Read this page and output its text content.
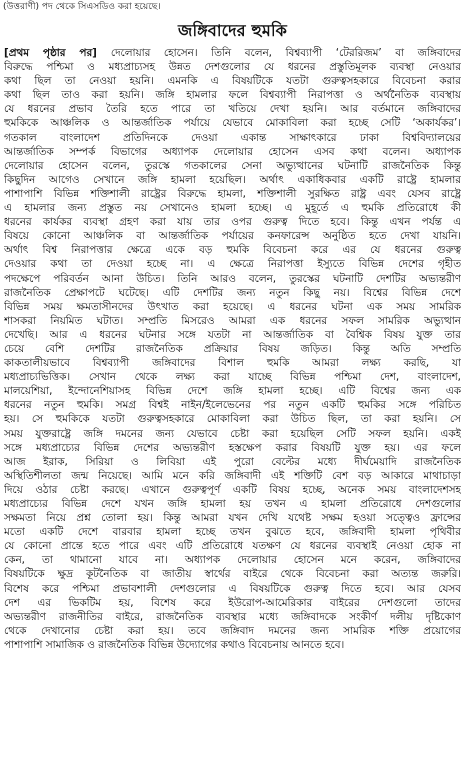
(উত্তরাণী) পদ থেকে সিএসডিও করা হয়েছে।
জঙ্গিবাদের হুমকি
[প্রথম পৃষ্ঠার পর] দেলোয়ার হোসেন। তিনি বলেন, বিশ্বব্যাপী ‘টেররিজম’ বা জঙ্গিবাদের
বিরুদ্ধে পশ্চিমা ও মধ্যপ্রাচ্যসহ উন্নত দেশগুলোর যে ধরনের প্রস্তুতিমূলক ব্যবস্থা নেওয়ার
কথা ছিল তা নেওয়া হয়নি। এমনকি এ বিষয়টিকে যতটা গুরুত্বসহকারে বিবেচনা করার
কথা ছিল তাও করা হয়নি। জঙ্গি হামলার ফলে বিশ্বব্যাপী নিরাপত্তা ও অর্থনৈতিক ব্যবস্থায়
যে ধরনের প্রভাব তৈরি হতে পারে তা খতিয়ে দেখা হয়নি। আর বর্তমানে জঙ্গিবাদের
হুমকিকে আঞ্চলিক ও আন্তর্জাতিক পর্যায়ে যেভাবে মোকাবিলা করা হচ্ছে সেটি ‘অকার্যকর’।
গতকাল বাংলাদেশ প্রতিদিনকে দেওয়া একান্ত সাক্ষাৎকারে ঢাকা বিশ্ববিদ্যালয়ের
আন্তর্জাতিক সম্পর্ক বিভাগের অধ্যাপক দেলোয়ার হোসেন এসব কথা বলেন। অধ্যাপক
দেলোয়ার হোসেন বলেন, তুরস্কে গতকালের সেনা অভ্যুত্থানের ঘটনাটি রাজনৈতিক কিন্তু
কিছুদিন আগেও সেখানে জঙ্গি হামলা হয়েছিল। অর্থাৎ একাধিকবার একটি রাষ্ট্রে হামলার
পাশাপাশি বিভিন্ন শক্তিশালী রাষ্ট্রের বিরুদ্ধে হামলা, শক্তিশালী সুরক্ষিত রাষ্ট্র এবং যেসব রাষ্ট্রে
এ হামলার জন্য প্রস্তুত নয় সেখানেও হামলা হচ্ছে। এ মুহূর্তে এ হুমকি প্রতিরোধে কী
ধরনের কার্যকর ব্যবস্থা গ্রহণ করা যায় তার ওপর গুরুত্ব দিতে হবে। কিন্তু এখন পর্যন্ত এ
বিষয়ে কোনো আঞ্চলিক বা আন্তর্জাতিক পর্যায়ের কনফারেন্স অনুষ্ঠিত হতে দেখা যায়নি।
অর্থাৎ বিশ্ব নিরাপত্তার ক্ষেত্রে একে বড় হুমকি বিবেচনা করে এর যে ধরনের গুরুত্ব
দেওয়ার কথা তা দেওয়া হচ্ছে না। এ ক্ষেত্রে নিরাপত্তা ইস্যুতে বিভিন্ন দেশের গৃহীত
পদক্ষেপে পরিবর্তন আনা উচিত। তিনি আরও বলেন, তুরস্কের ঘটনাটি দেশটির অভ্যন্তরীণ
রাজনৈতিক প্রেক্ষাপটে ঘটেছে। এটি দেশটির জন্য নতুন কিছু নয়। বিশ্বের বিভিন্ন দেশে
বিভিন্ন সময় ক্ষমতাসীনদের উৎখাত করা হয়েছে। এ ধরনের ঘটনা এক সময় সামরিক
শাসকরা নিয়মিত ঘটাত। সম্প্রতি মিসরেও আমরা এক ধরনের সফল সামরিক অভ্যুত্থান
দেখেছি। আর এ ধরনের ঘটনার সঙ্গে যতটা না আন্তর্জাতিক বা বৈশ্বিক বিষয় যুক্ত তার
চেয়ে বেশি দেশটির রাজনৈতিক প্রক্রিয়ার বিষয় জড়িত। কিন্তু অতি সম্প্রতি
কাকতালীয়ভাবে বিশ্বব্যাপী জঙ্গিবাদের বিশাল হুমকি আমরা লক্ষ্য করছি, যা
মধ্যপ্রাচ্যভিত্তিক। সেখান থেকে লক্ষ্য করা যাচ্ছে বিভিন্ন পশ্চিমা দেশ, বাংলাদেশ,
মালয়েশিয়া, ইন্দোনেশিয়াসহ বিভিন্ন দেশে জঙ্গি হামলা হচ্ছে। এটি বিশ্বের জন্য এক
ধরনের নতুন হুমকি। সমগ্র বিশ্বই নাইন/ইলেভেনের পর নতুন একটি হুমকির সঙ্গে পরিচিত
হয়। সে হুমকিকে যতটা গুরুত্বসহকারে মোকাবিলা করা উচিত ছিল, তা করা হয়নি। সে
সময় যুক্তরাষ্ট্রে জঙ্গি দমনের জন্য যেভাবে চেষ্টা করা হয়েছিল সেটি সফল হয়নি। একই
সঙ্গে মধ্যপ্রাচ্যের বিভিন্ন দেশের অভ্যন্তরীণ হস্তক্ষেপ করার বিষয়টি যুক্ত হয়। এর ফলে
আজ ইরাক, সিরিয়া ও লিবিয়া এই পুরো বেল্টের মধ্যে দীর্ঘমেয়াদি রাজনৈতিক
অস্থিতিশীলতা জন্ম নিয়েছে। আমি মনে করি জঙ্গিবাদী এই শক্তিটি বেশ বড় আকারে মাথাচাড়া
দিয়ে ওঠার চেষ্টা করছে। এখানে গুরুত্বপূর্ণ একটি বিষয় হচ্ছে, অনেক সময় বাংলাদেশসহ
মধ্যপ্রাচ্যের বিভিন্ন দেশে যখন জঙ্গি হামলা হয় তখন এ হামলা প্রতিরোধে দেশগুলোর
সক্ষমতা নিয়ে প্রশ্ন তোলা হয়। কিন্তু আমরা যখন দেখি যথেষ্ট সক্ষম হওয়া সত্ত্বেও ফ্রান্সের
মতো একটি দেশে বারবার হামলা হচ্ছে তখন বুঝতে হবে, জঙ্গিবাদী হামলা পৃথিবীর
যে কোনো প্রান্তে হতে পারে এবং এটি প্রতিরোধে যতক্ষণ যে ধরনের ব্যবস্থাই নেওয়া হোক না
কেন, তা থামানো যাবে না। অধ্যাপক দেলোয়ার হোসেন মনে করেন, জঙ্গিবাদের
বিষয়টিকে ক্ষুদ্র কূটনৈতিক বা জাতীয় স্বার্থের বাইরে থেকে বিবেচনা করা অত্যন্ত জরুরি।
বিশেষ করে পশ্চিমা প্রভাবশালী দেশগুলোর এ বিষয়টিকে গুরুত্ব দিতে হবে। আর যেসব
দেশ এর ভিকটিম হয়, বিশেষ করে ইউরোপ-আমেরিকার বাইরের দেশগুলো তাদের
অভ্যন্তরীণ রাজনীতির বাইরে, রাজনৈতিক ব্যবস্থার মধ্যে জঙ্গিবাদকে সংকীর্ণ দলীয় দৃষ্টিকোণ
থেকে দেখানোর চেষ্টা করা হয়। তবে জঙ্গিবাদ দমনের জন্য সামরিক শক্তি প্রয়োগের
পাশাপাশি সামাজিক ও রাজনৈতিক বিভিন্ন উদ্যোগের কথাও বিবেচনায় আনতে হবে।
